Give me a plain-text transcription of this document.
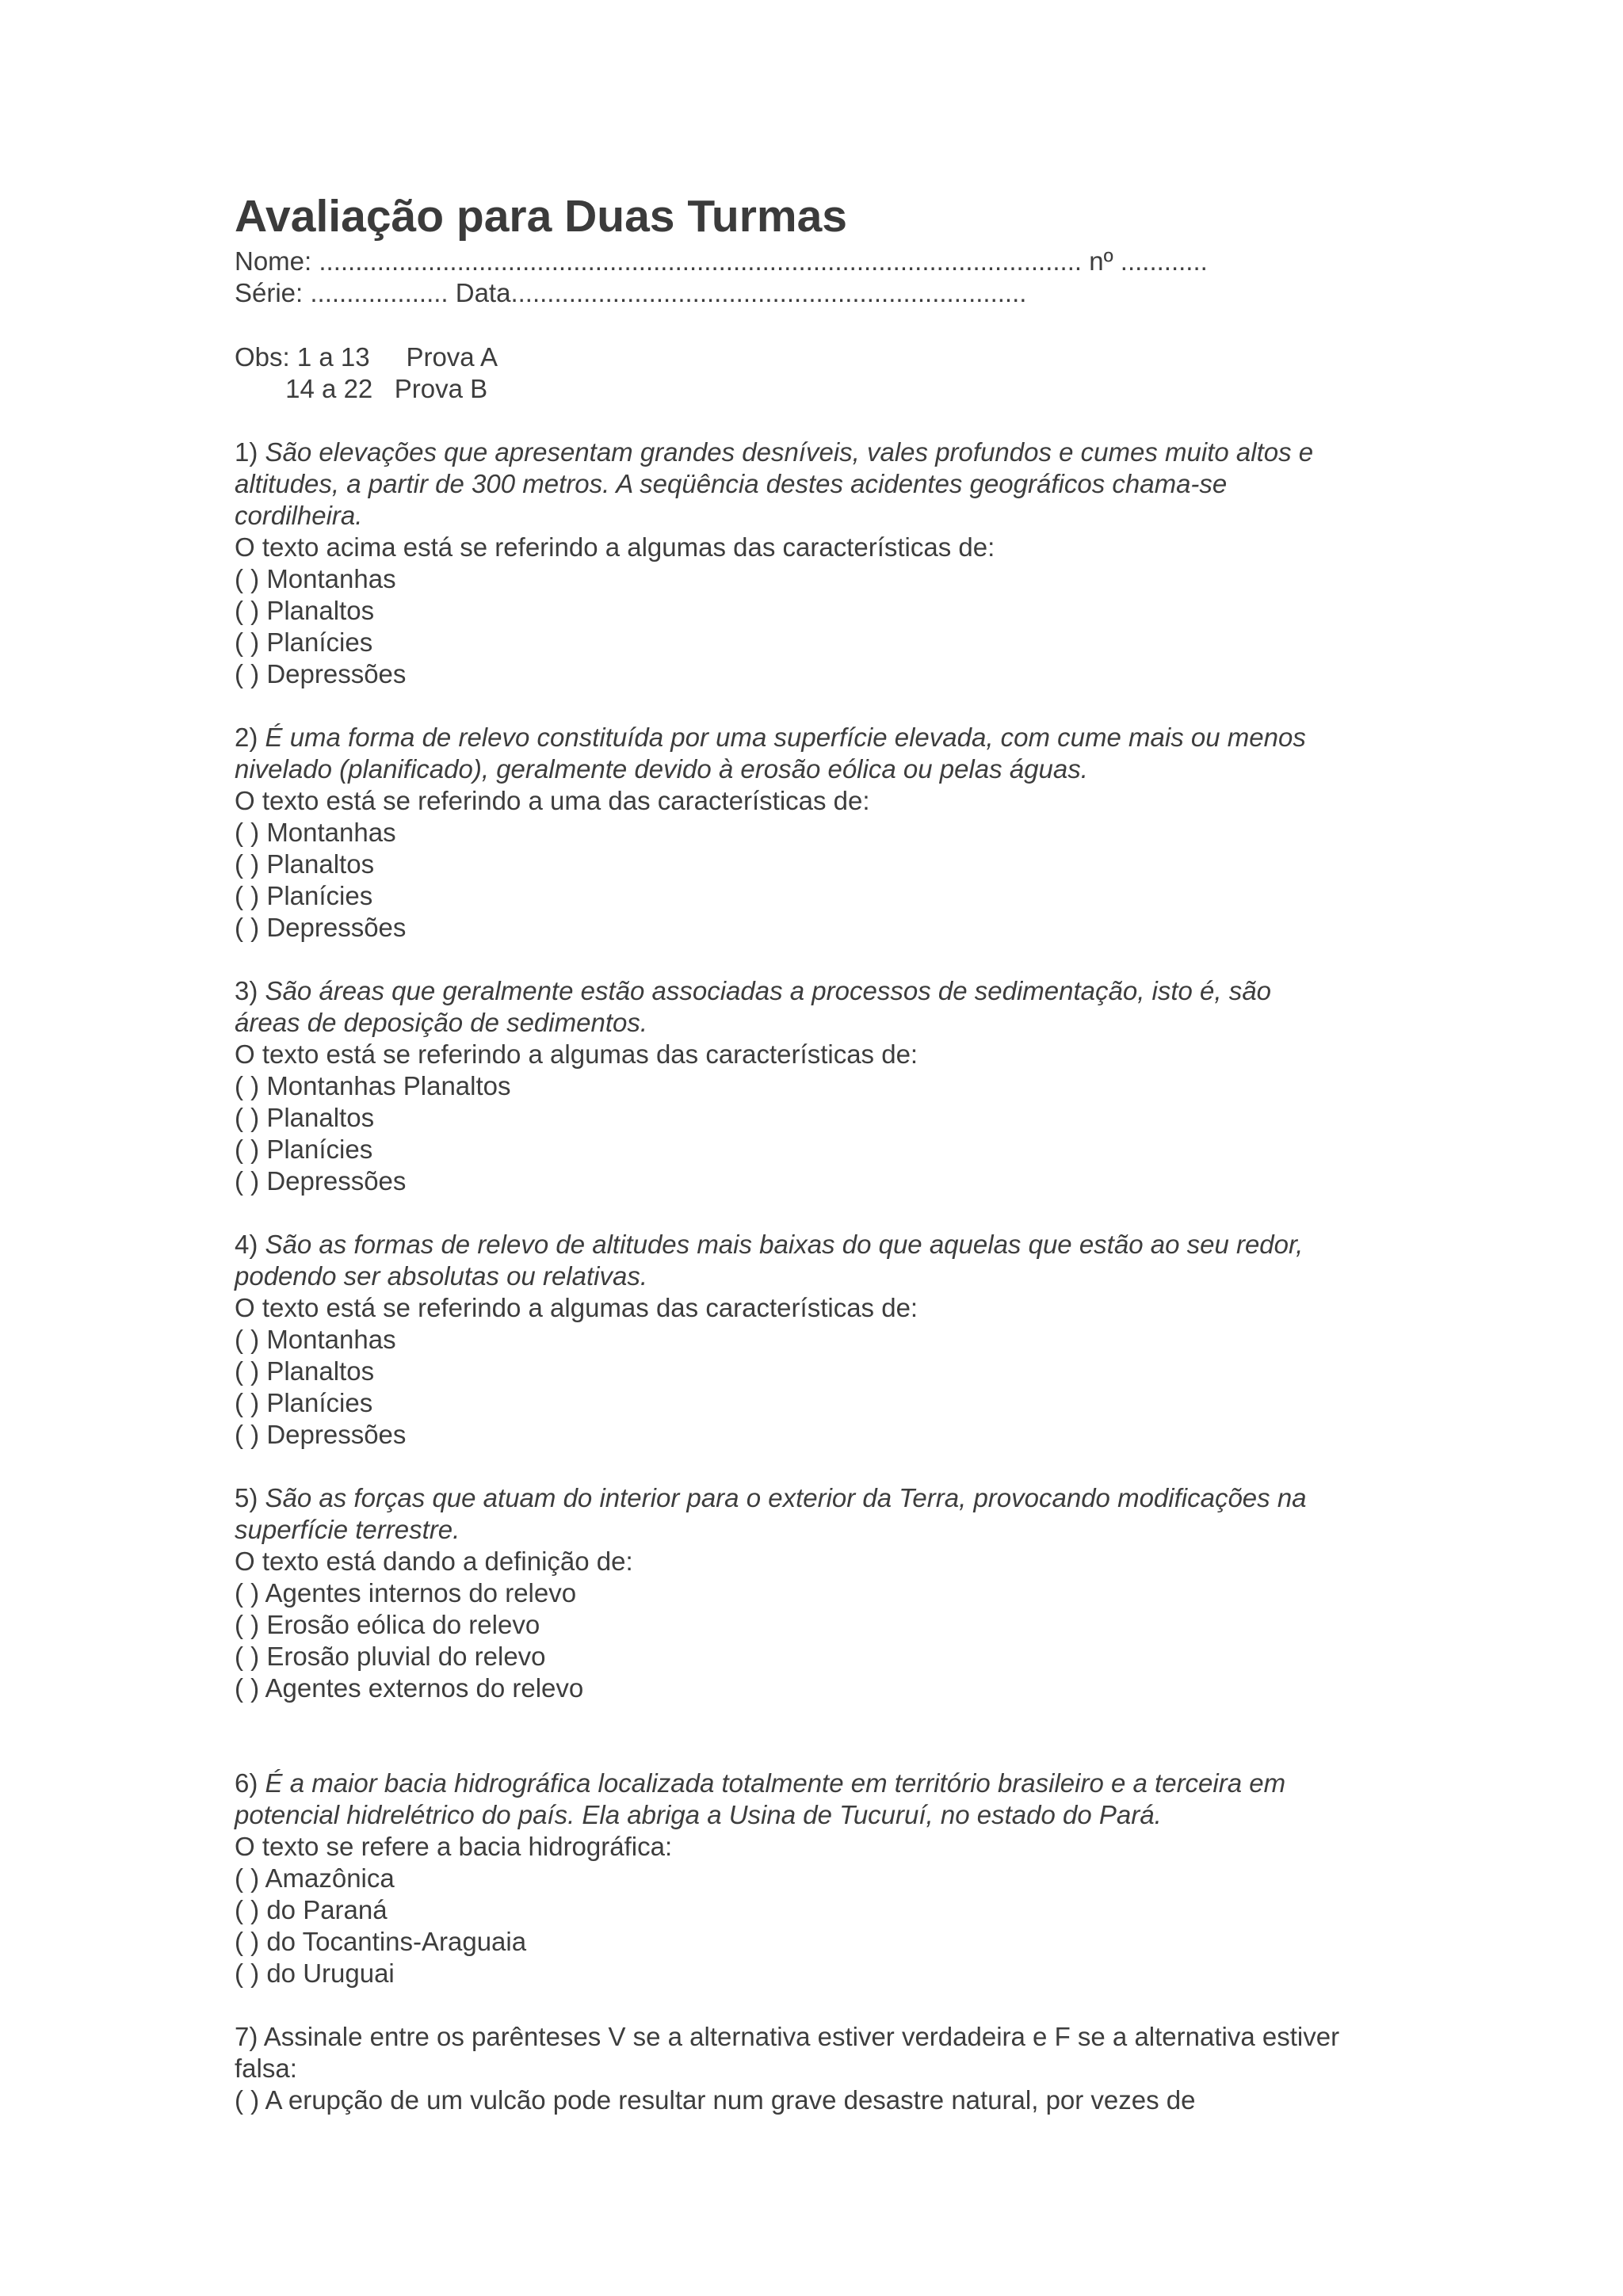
Avaliação para Duas Turmas
Nome: ......................................................................................................... nº ............
Série: ................... Data.......................................................................
Obs: 1 a 13     Prova A
14 a 22   Prova B
1) São elevações que apresentam grandes desníveis, vales profundos e cumes muito altos e
altitudes, a partir de 300 metros. A seqüência destes acidentes geográficos chama-se
cordilheira.
O texto acima está se referindo a algumas das características de:
( ) Montanhas
( ) Planaltos
( ) Planícies
( ) Depressões
2) É uma forma de relevo constituída por uma superfície elevada, com cume mais ou menos
nivelado (planificado), geralmente devido à erosão eólica ou pelas águas.
O texto está se referindo a uma das características de:
( ) Montanhas
( ) Planaltos
( ) Planícies
( ) Depressões
3) São áreas que geralmente estão associadas a processos de sedimentação, isto é, são
áreas de deposição de sedimentos.
O texto está se referindo a algumas das características de:
( ) Montanhas Planaltos
( ) Planaltos
( ) Planícies
( ) Depressões
4) São as formas de relevo de altitudes mais baixas do que aquelas que estão ao seu redor,
podendo ser absolutas ou relativas.
O texto está se referindo a algumas das características de:
( ) Montanhas
( ) Planaltos
( ) Planícies
( ) Depressões
5) São as forças que atuam do interior para o exterior da Terra, provocando modificações na
superfície terrestre.
O texto está dando a definição de:
( ) Agentes internos do relevo
( ) Erosão eólica do relevo
( ) Erosão pluvial do relevo
( ) Agentes externos do relevo
6) É a maior bacia hidrográfica localizada totalmente em território brasileiro e a terceira em
potencial hidrelétrico do país. Ela abriga a Usina de Tucuruí, no estado do Pará.
O texto se refere a bacia hidrográfica:
( ) Amazônica
( ) do Paraná
( ) do Tocantins-Araguaia
( ) do Uruguai
7) Assinale entre os parênteses V se a alternativa estiver verdadeira e F se a alternativa estiver
falsa:
( ) A erupção de um vulcão pode resultar num grave desastre natural, por vezes de
